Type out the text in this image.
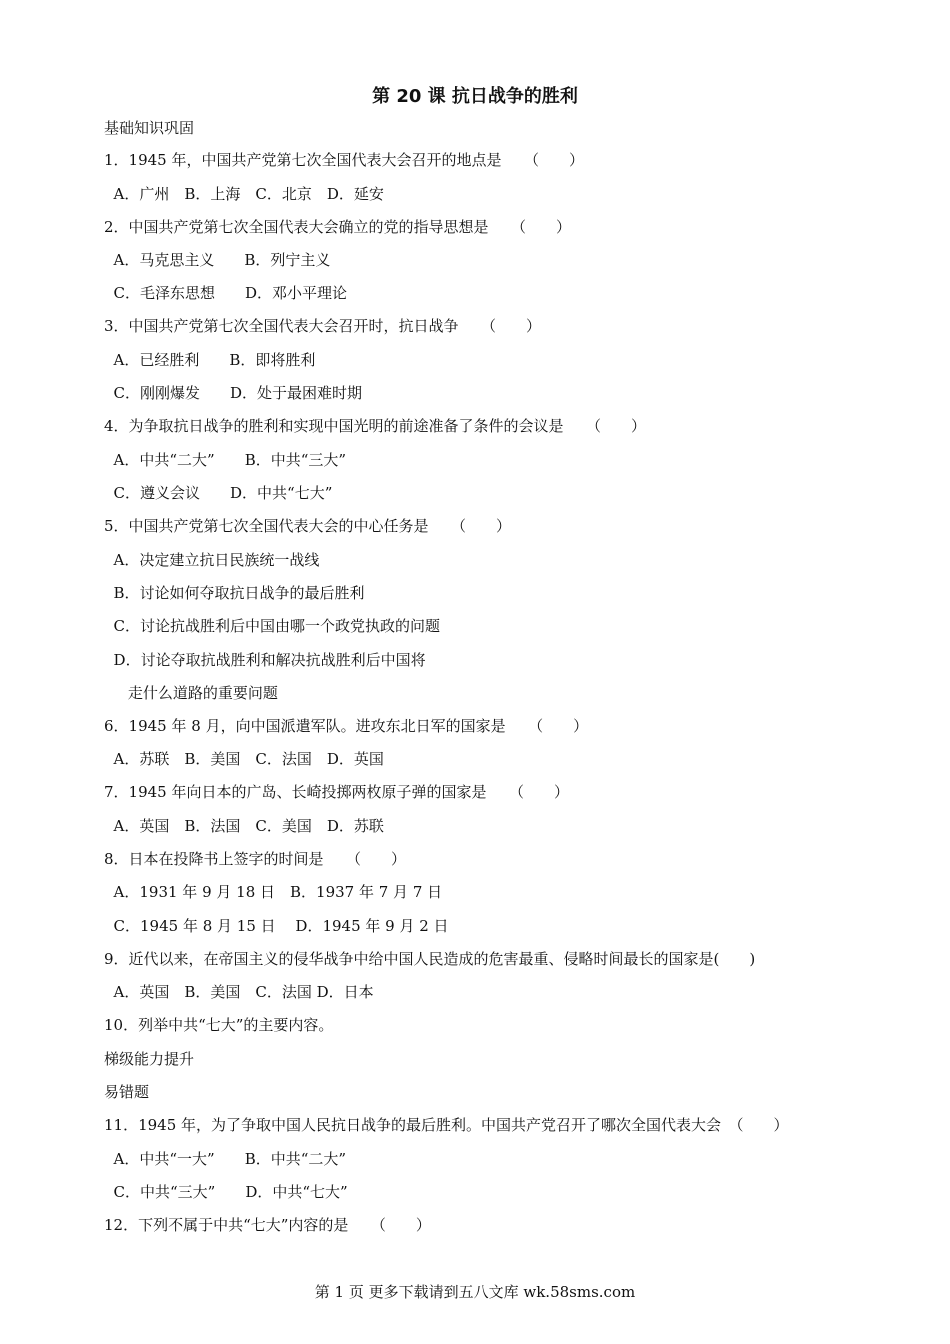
第 20 课 抗日战争的胜利
基础知识巩固
1．1945 年，中国共产党第七次全国代表大会召开的地点是　　（　　）
A．广州　B．上海　C．北京　D．延安
2．中国共产党第七次全国代表大会确立的党的指导思想是　　（　　）
A．马克思主义　　B．列宁主义
C．毛泽东思想　　D．邓小平理论
3．中国共产党第七次全国代表大会召开时，抗日战争　　（　　）
A．已经胜利　　B．即将胜利
C．刚刚爆发　　D．处于最困难时期
4．为争取抗日战争的胜利和实现中国光明的前途准备了条件的会议是　　（　　）
A．中共“二大”　　B．中共“三大”
C．遵义会议　　D．中共“七大”
5．中国共产党第七次全国代表大会的中心任务是　　（　　）
A．决定建立抗日民族统一战线
B．讨论如何夺取抗日战争的最后胜利
C．讨论抗战胜利后中国由哪一个政党执政的问题
D．讨论夺取抗战胜利和解决抗战胜利后中国将
走什么道路的重要问题
6．1945 年 8 月，向中国派遣军队。进攻东北日军的国家是　　（　　）
A．苏联　B．美国　C．法国　D．英国
7．1945 年向日本的广岛、长崎投掷两枚原子弹的国家是　　（　　）
A．英国　B．法国　C．美国　D．苏联
8．日本在投降书上签字的时间是　　（　　）
A．1931 年 9 月 18 日　B．1937 年 7 月 7 日
C．1945 年 8 月 15 日　 D．1945 年 9 月 2 日
9．近代以来，在帝国主义的侵华战争中给中国人民造成的危害最重、侵略时间最长的国家是(　　)
A．英国　B．美国　C．法国 D．日本
10．列举中共“七大”的主要内容。
梯级能力提升
易错题
11．1945 年，为了争取中国人民抗日战争的最后胜利。中国共产党召开了哪次全国代表大会　（　　）
A．中共“一大”　　B．中共“二大”
C．中共“三大”　　D．中共“七大”
12．下列不属于中共“七大”内容的是　　（　　）
第 1 页 更多下载请到五八文库 wk.58sms.com
